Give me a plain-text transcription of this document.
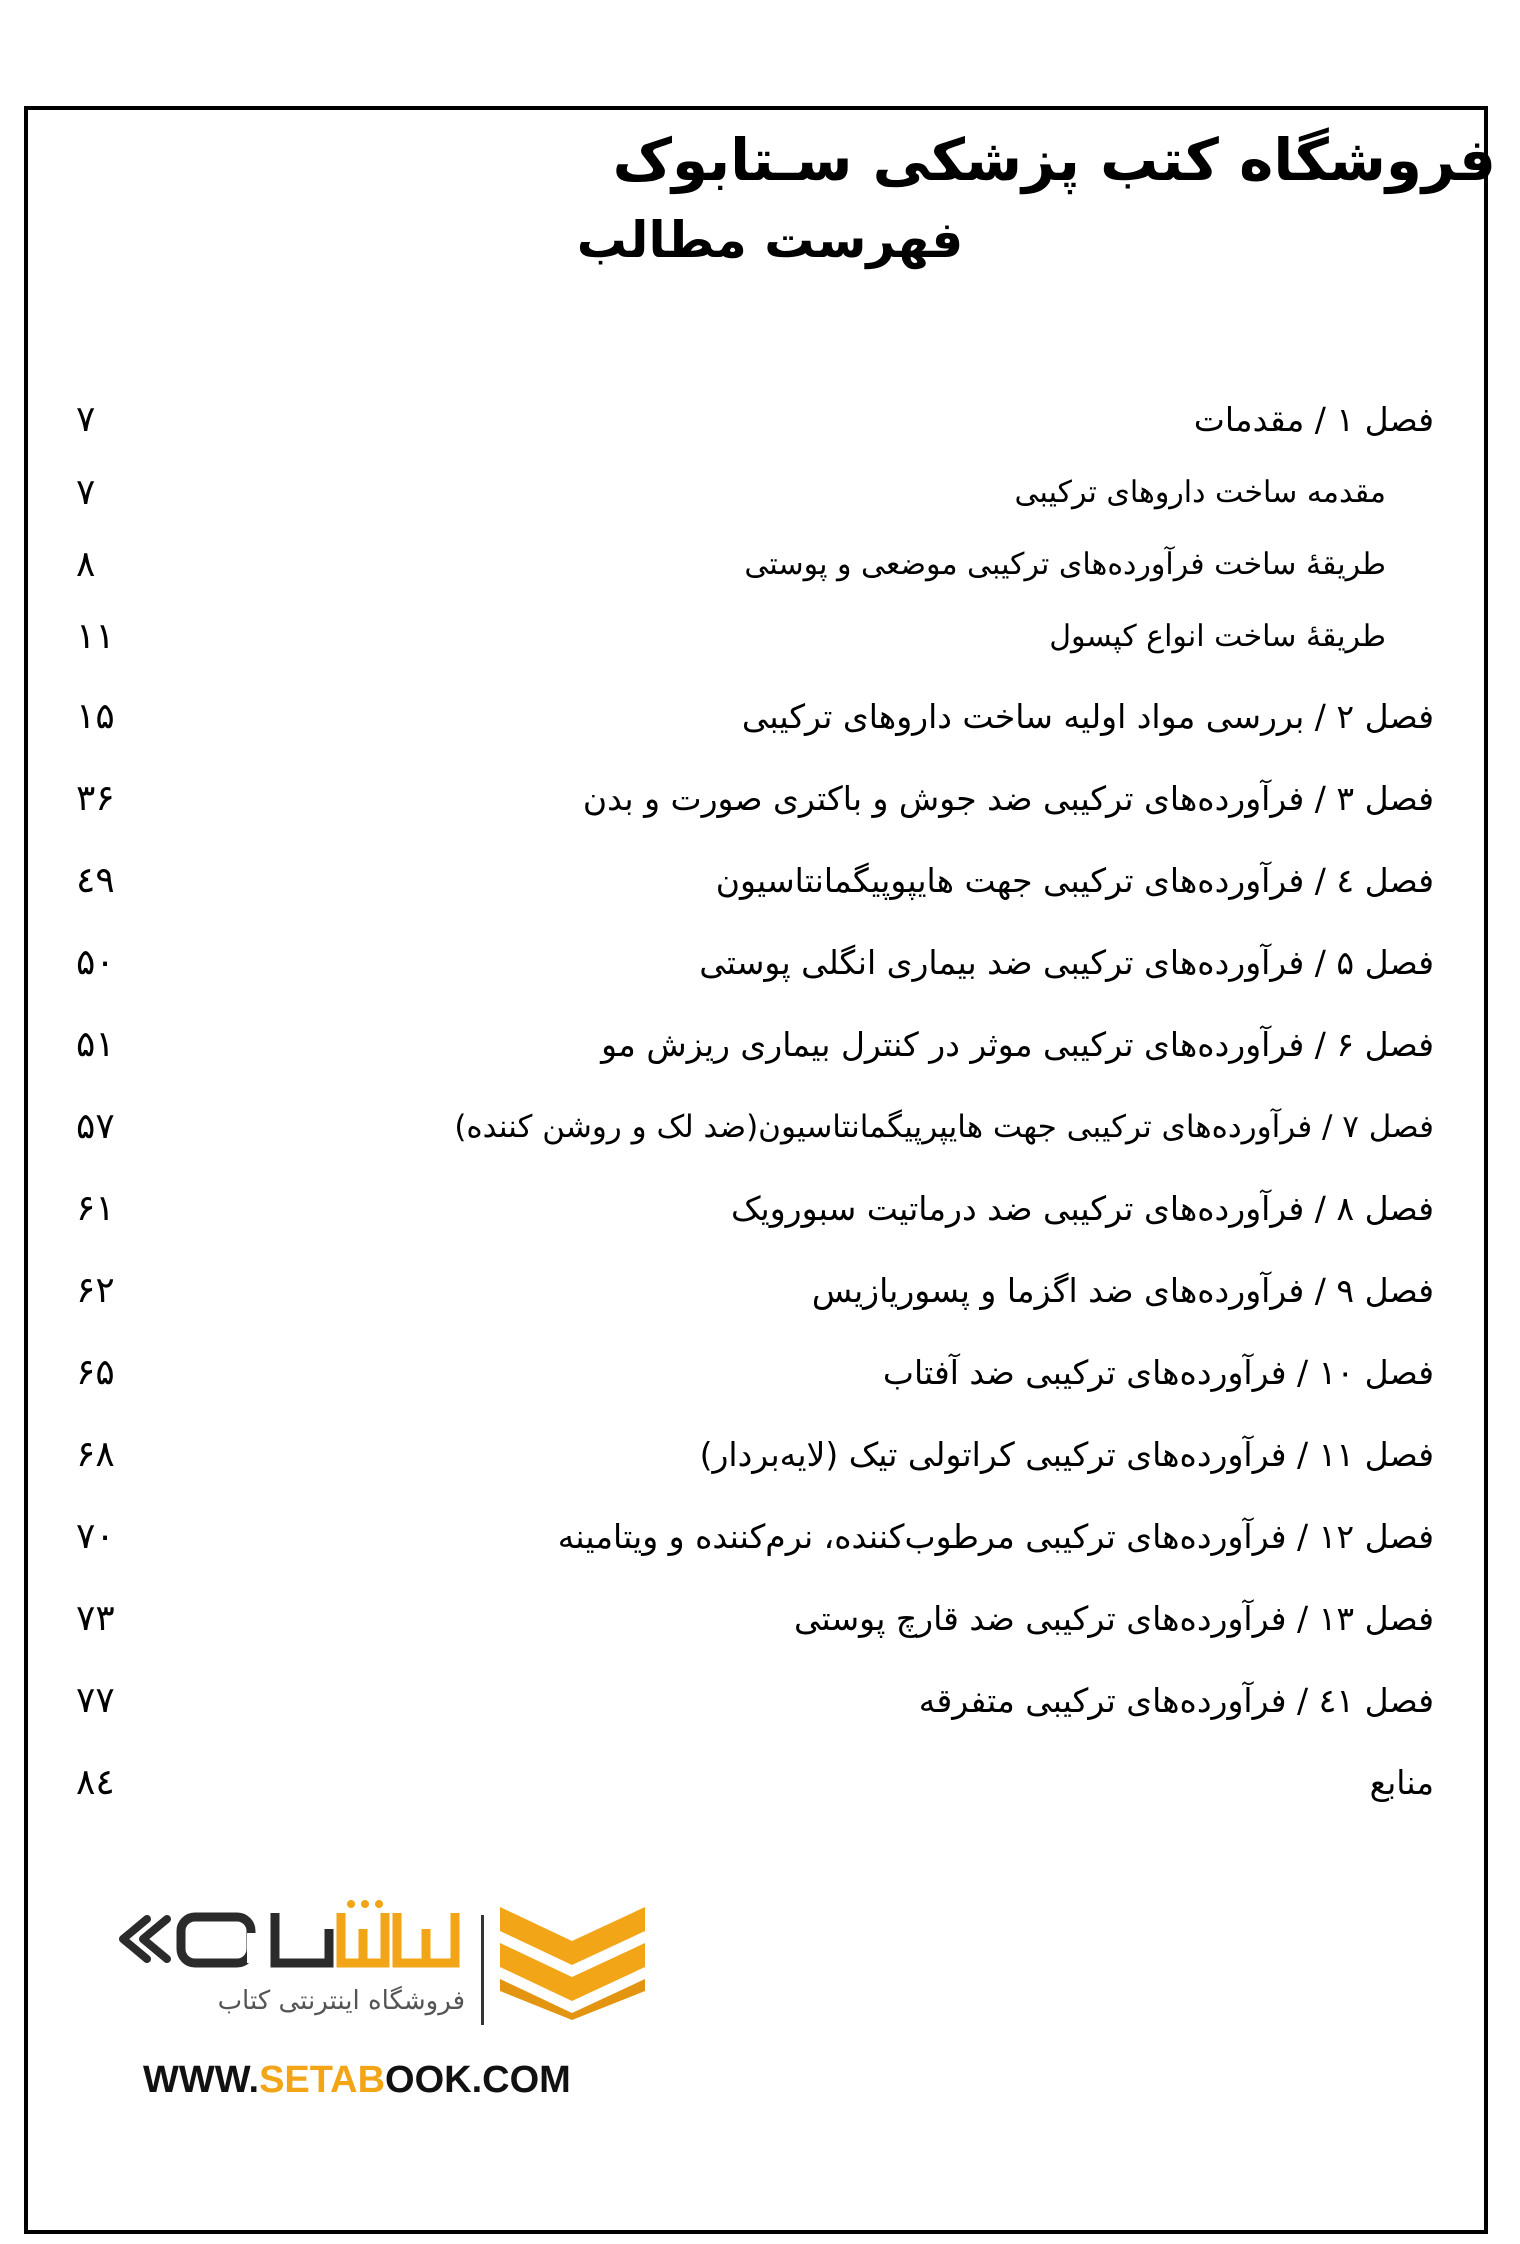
فروشگاه کتب پزشکی سـتابوک
فهرست مطالب
فصل ۱ / مقدمات
۷
مقدمه ساخت داروهای ترکیبی
۷
طریقۀ ساخت فرآورده‌های ترکیبی موضعی و پوستی
۸
طریقۀ ساخت انواع کپسول
۱۱
فصل ۲ / بررسی مواد اولیه ساخت داروهای ترکیبی
۱۵
فصل ۳ / فرآورده‌های ترکیبی ضد جوش و باکتری صورت و بدن
۳۶
فصل ٤ / فرآورده‌های ترکیبی جهت هایپوپیگمانتاسیون
٤۹
فصل ۵ / فرآورده‌های ترکیبی ضد بیماری انگلی پوستی
۵۰
فصل ۶ / فرآورده‌های ترکیبی موثر در کنترل بیماری ریزش مو
۵۱
فصل ۷ / فرآورده‌های ترکیبی جهت هایپرپیگمانتاسیون(ضد لک و روشن کننده)
۵۷
فصل ۸ / فرآورده‌های ترکیبی ضد درماتیت سبورویک
۶۱
فصل ۹ / فرآورده‌های ضد اگزما و پسوریازیس
۶۲
فصل ۱۰ / فرآورده‌های ترکیبی ضد آفتاب
۶۵
فصل ۱۱ / فرآورده‌های ترکیبی کراتولی تیک (لایه‌بردار)
۶۸
فصل ۱۲ / فرآورده‌های ترکیبی مرطوب‌کننده، نرم‌کننده و ویتامینه
۷۰
فصل ۱۳ / فرآورده‌های ترکیبی ضد قارچ پوستی
۷۳
فصل ٤۱ / فرآورده‌های ترکیبی متفرقه
۷۷
منابع
۸٤
فروشگاه اینترنتی کتاب
WWW.SETABOOK.COM
